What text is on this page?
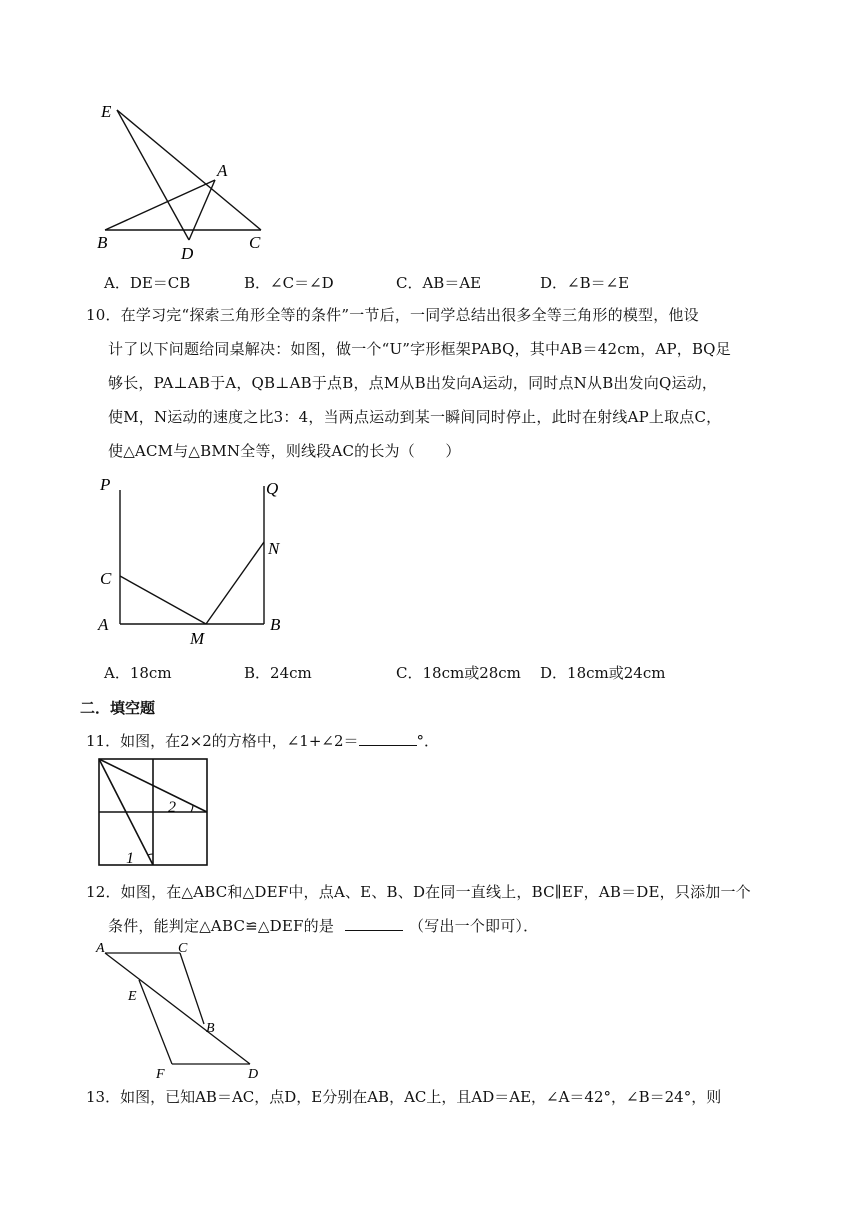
E
A
B
D
C
A．DE＝CB	B．∠C＝∠D	C．AB＝AE	D．∠B＝∠E
10．在学习完“探索三角形全等的条件”一节后，一同学总结出很多全等三角形的模型，他设
计了以下问题给同桌解决：如图，做一个“U”字形框架PABQ，其中AB＝42cm，AP，BQ足
够长，PA⊥AB于A，QB⊥AB于点B，点M从B出发向A运动，同时点N从B出发向Q运动，
使M，N运动的速度之比3：4，当两点运动到某一瞬间同时停止，此时在射线AP上取点C，
使△ACM与△BMN全等，则线段AC的长为（　　）
P	Q
N
C
A
M
B
A．18cm	B．24cm	C．18cm或28cm D．18cm或24cm
二．填空题
11．如图，在2×2的方格中，∠1+∠2＝	°．
2
1
12．如图，在△ABC和△DEF中，点A、E、B、D在同一直线上，BC∥EF，AB＝DE，只添加一个
条件，能判定△ABC≌△DEF的是	（写出一个即可）．
A	C
E
B
F	D
13．如图，已知AB＝AC，点D，E分别在AB，AC上，且AD＝AE，∠A＝42°，∠B＝24°，则
